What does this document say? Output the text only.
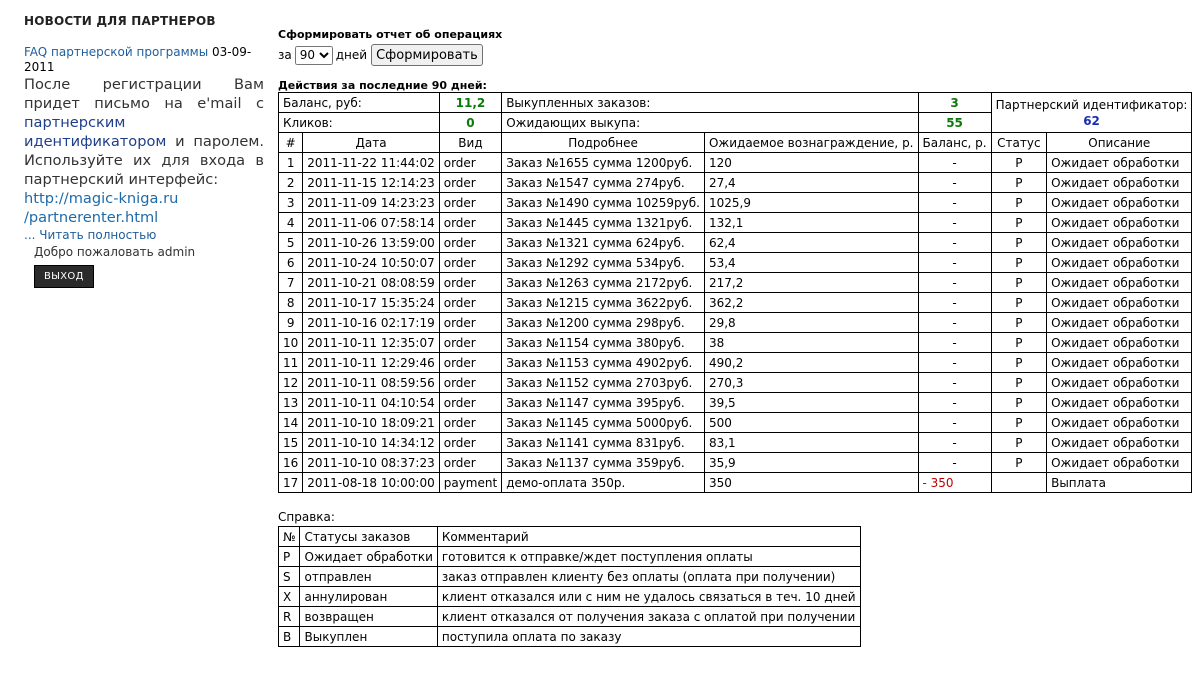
НОВОСТИ ДЛЯ ПАРТНЕРОВ
FAQ партнерской программы 03-09-2011
После регистрации Вам придет письмо на e'mail с партнерским идентификатором и паролем. Используйте их для входа в партнерский интерфейс:
http://magic-kniga.ru
/partnerenter.html
... Читать полностью
Добро пожаловать admin
ВЫХОД
Сформировать отчет об операциях
за
90	дней Сформировать
Действия за последние 90 дней:
Баланс, руб:		11,2	Выкупленных заказов:		3	Партнерский идентификатор:
62	

Кликов:		0	Ожидающих выкупа:		55		
#	Дата	Вид	Подробнее	Ожидаемое вознаграждение, р.	Баланс, р.	Статус	Описание
1	2011-11-22 11:44:02	order	Заказ №1655 сумма 1200руб.	120	-	P	Ожидает обработки
2	2011-11-15 12:14:23	order	Заказ №1547 сумма 274руб.	27,4	-	P	Ожидает обработки
3	2011-11-09 14:23:23	order	Заказ №1490 сумма 10259руб.	1025,9	-	P	Ожидает обработки
4	2011-11-06 07:58:14	order	Заказ №1445 сумма 1321руб.	132,1	-	P	Ожидает обработки
5	2011-10-26 13:59:00	order	Заказ №1321 сумма 624руб.	62,4	-	P	Ожидает обработки
6	2011-10-24 10:50:07	order	Заказ №1292 сумма 534руб.	53,4	-	P	Ожидает обработки
7	2011-10-21 08:08:59	order	Заказ №1263 сумма 2172руб.	217,2	-	P	Ожидает обработки
8	2011-10-17 15:35:24	order	Заказ №1215 сумма 3622руб.	362,2	-	P	Ожидает обработки
9	2011-10-16 02:17:19	order	Заказ №1200 сумма 298руб.	29,8	-	P	Ожидает обработки
10	2011-10-11 12:35:07	order	Заказ №1154 сумма 380руб.	38	-	P	Ожидает обработки
11	2011-10-11 12:29:46	order	Заказ №1153 сумма 4902руб.	490,2	-	P	Ожидает обработки
12	2011-10-11 08:59:56	order	Заказ №1152 сумма 2703руб.	270,3	-	P	Ожидает обработки
13	2011-10-11 04:10:54	order	Заказ №1147 сумма 395руб.	39,5	-	P	Ожидает обработки
14	2011-10-10 18:09:21	order	Заказ №1145 сумма 5000руб.	500	-	P	Ожидает обработки
15	2011-10-10 14:34:12	order	Заказ №1141 сумма 831руб.	83,1	-	P	Ожидает обработки
16	2011-10-10 08:37:23	order	Заказ №1137 сумма 359руб.	35,9	-	P	Ожидает обработки
17	2011-08-18 10:00:00	payment	демо-оплата 350р.	350	- 350		Выплата
Справка:
№	Статусы заказов	Комментарий
P	Ожидает обработки	готовится к отправке/ждет поступления оплаты
S	отправлен	заказ отправлен клиенту без оплаты (оплата при получении)
X	аннулирован	клиент отказался или с ним не удалось связаться в теч. 10 дней
R	возвращен	клиент отказался от получения заказа с оплатой при получении
B	Выкуплен	поступила оплата по заказу
